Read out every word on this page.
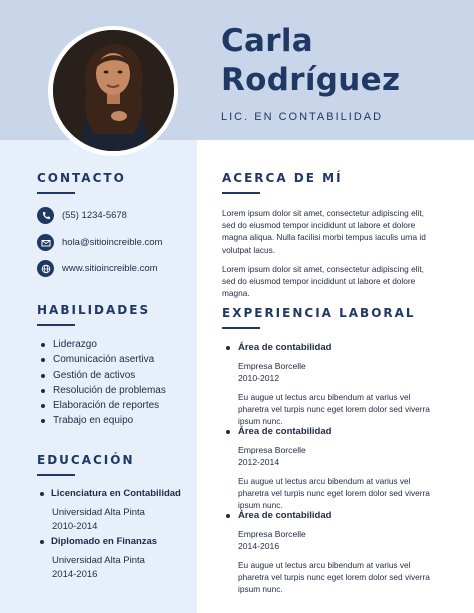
Carla
Rodríguez
LIC. EN CONTABILIDAD
CONTACTO
(55) 1234-5678
hola@sitioincreible.com
www.sitioincreible.com
HABILIDADES
Liderazgo
Comunicación asertiva
Gestión de activos
Resolución de problemas
Elaboración de reportes
Trabajo en equipo
EDUCACIÓN
Licenciatura en Contabilidad
Universidad Alta Pinta
2010-2014
Diplomado en Finanzas
Universidad Alta Pinta
2014-2016
ACERCA DE MÍ
Lorem ipsum dolor sit amet, consectetur adipiscing elit, sed do eiusmod tempor incididunt ut labore et dolore magna aliqua. Nulla facilisi morbi tempus iaculis urna id volutpat lacus.
Lorem ipsum dolor sit amet, consectetur adipiscing elit, sed do eiusmod tempor incididunt ut labore et dolore magna.
EXPERIENCIA LABORAL
Área de contabilidad
Empresa Borcelle
2010-2012
Eu augue ut lectus arcu bibendum at varius vel pharetra vel turpis nunc eget lorem dolor sed viverra ipsum nunc.
Área de contabilidad
Empresa Borcelle
2012-2014
Eu augue ut lectus arcu bibendum at varius vel pharetra vel turpis nunc eget lorem dolor sed viverra ipsum nunc.
Área de contabilidad
Empresa Borcelle
2014-2016
Eu augue ut lectus arcu bibendum at varius vel pharetra vel turpis nunc eget lorem dolor sed viverra ipsum nunc.
